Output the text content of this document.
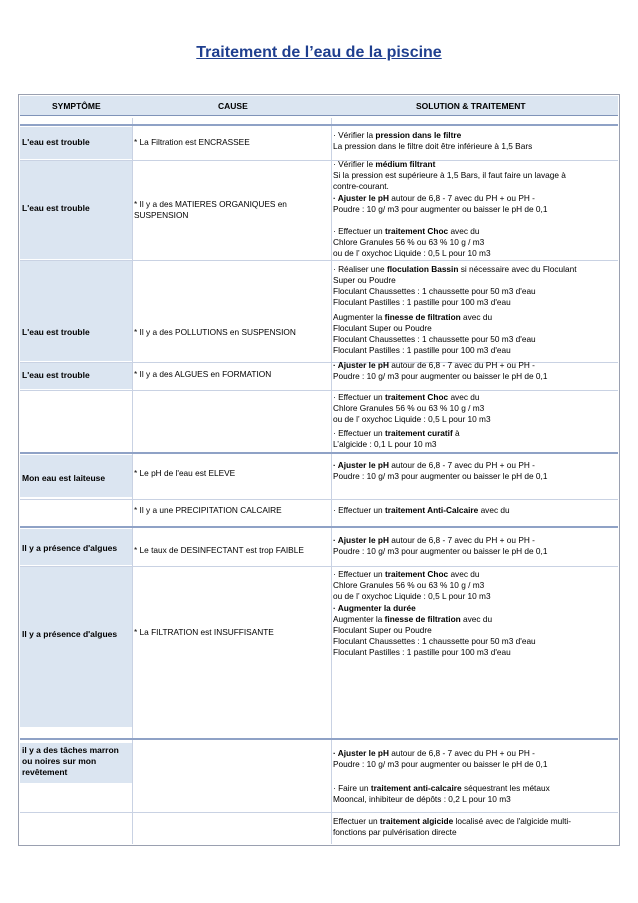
Traitement de l’eau de la piscine
SYMPTÔME	CAUSE	SOLUTION & TRAITEMENT
L'eau est trouble
L'eau est trouble
L'eau est trouble
L'eau est trouble
Mon eau est laiteuse
Il y a présence d'algues
Il y a présence d'algues
il y a des tâches marron
ou noires sur mon
revêtement
* La Filtration est ENCRASSEE
* Il y a des MATIERES ORGANIQUES en
SUSPENSION
* Il y a des POLLUTIONS en SUSPENSION
* Il y a des ALGUES en FORMATION
* Le pH de l'eau est ELEVE
* Il y a une PRECIPITATION CALCAIRE
* Le taux de DESINFECTANT est trop FAIBLE
* La FILTRATION est INSUFFISANTE
· Vérifier la pression dans le filtre
La pression dans le filtre doit être inférieure à 1,5 Bars
· Vérifier le médium filtrant
Si la pression est supérieure à 1,5 Bars, il faut faire un lavage à
contre-courant.
· Ajuster le pH autour de 6,8 - 7 avec du PH + ou PH -
Poudre : 10 g/ m3 pour augmenter ou baisser le pH de 0,1
· Effectuer un traitement Choc avec du
Chlore Granules 56 % ou 63 % 10 g / m3
ou de l’ oxychoc Liquide : 0,5 L pour 10 m3
· Réaliser une floculation Bassin si nécessaire avec du Floculant
Super ou Poudre
Floculant Chaussettes : 1 chaussette pour 50 m3 d'eau
Floculant Pastilles : 1 pastille pour 100 m3 d'eau
Augmenter la finesse de filtration avec du
Floculant Super ou Poudre
Floculant Chaussettes : 1 chaussette pour 50 m3 d'eau
Floculant Pastilles : 1 pastille pour 100 m3 d'eau
· Ajuster le pH autour de 6,8 - 7 avec du PH + ou PH -
Poudre : 10 g/ m3 pour augmenter ou baisser le pH de 0,1
· Effectuer un traitement Choc avec du
Chlore Granules 56 % ou 63 % 10 g / m3
ou de l’ oxychoc Liquide : 0,5 L pour 10 m3
· Effectuer un traitement curatif à
L’algicide : 0,1 L pour 10 m3
· Ajuster le pH autour de 6,8 - 7 avec du PH + ou PH -
Poudre : 10 g/ m3 pour augmenter ou baisser le pH de 0,1
· Effectuer un traitement Anti-Calcaire avec du
· Ajuster le pH autour de 6,8 - 7 avec du PH + ou PH -
Poudre : 10 g/ m3 pour augmenter ou baisser le pH de 0,1
· Effectuer un traitement Choc avec du
Chlore Granules 56 % ou 63 % 10 g / m3
ou de l’ oxychoc Liquide : 0,5 L pour 10 m3
· Augmenter la durée
Augmenter la finesse de filtration avec du
Floculant Super ou Poudre
Floculant Chaussettes : 1 chaussette pour 50 m3 d'eau
Floculant Pastilles : 1 pastille pour 100 m3 d'eau
· Ajuster le pH autour de 6,8 - 7 avec du PH + ou PH -
Poudre : 10 g/ m3 pour augmenter ou baisser le pH de 0,1
· Faire un traitement anti-calcaire séquestrant les métaux
Mooncal, inhibiteur de dépôts : 0,2 L pour 10 m3
Effectuer un traitement algicide localisé avec de l'algicide multi-
fonctions par pulvérisation directe
